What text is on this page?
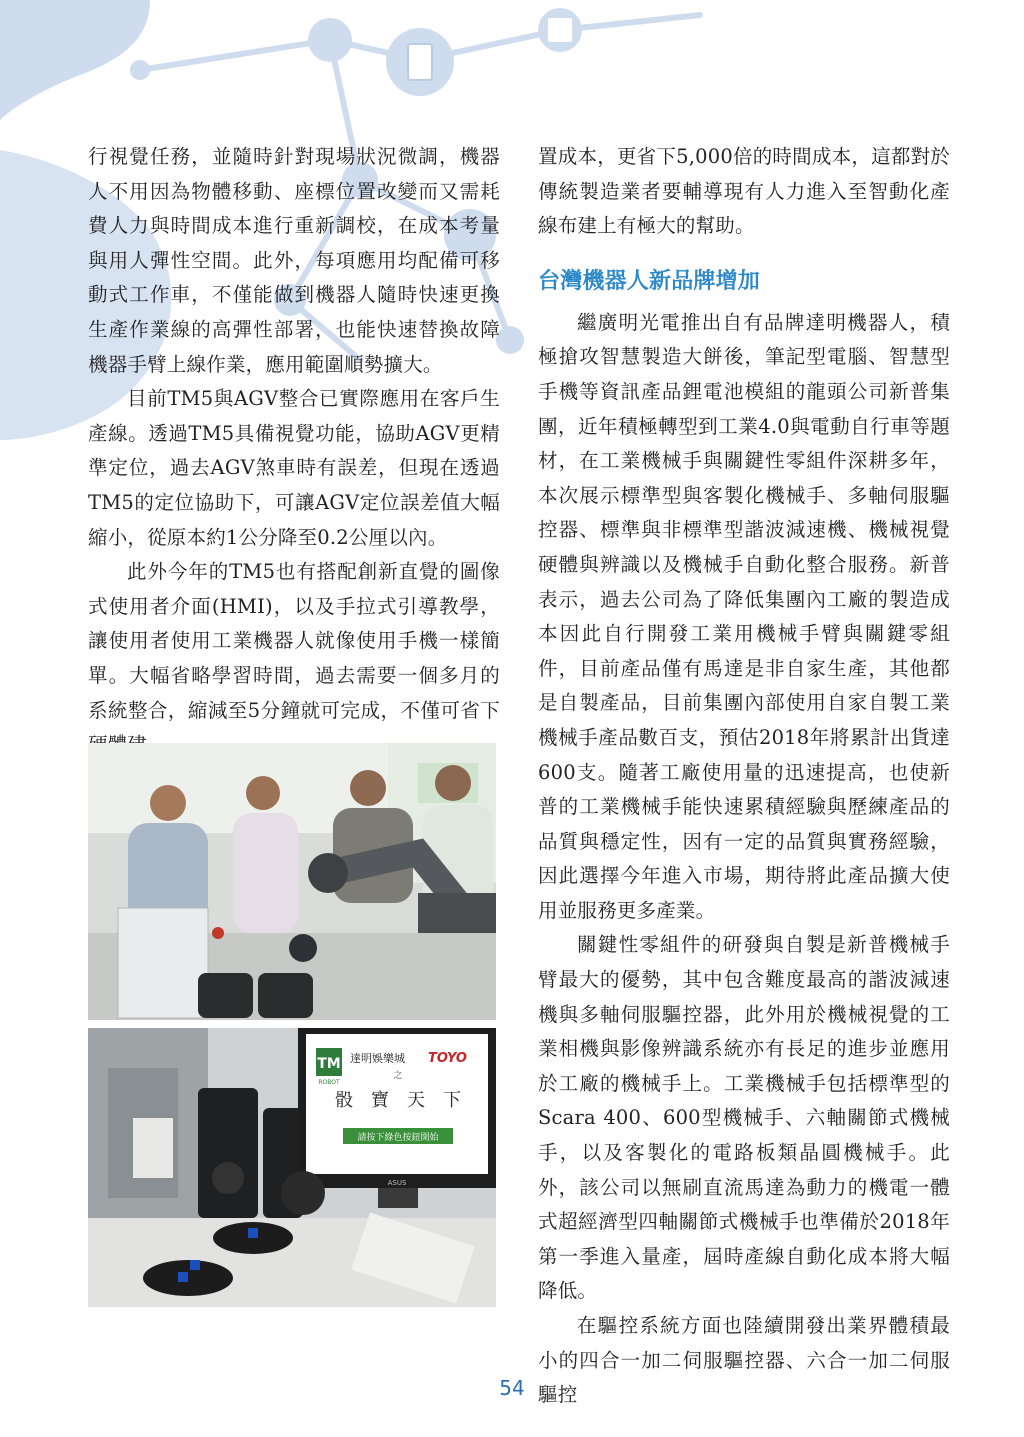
行視覺任務，並隨時針對現場狀況微調，機器人不用因為物體移動、座標位置改變而又需耗費人力與時間成本進行重新調校，在成本考量與用人彈性空間。此外，每項應用均配備可移動式工作車，不僅能做到機器人隨時快速更換生產作業線的高彈性部署，也能快速替換故障機器手臂上線作業，應用範圍順勢擴大。

目前TM5與AGV整合已實際應用在客戶生產線。透過TM5具備視覺功能，協助AGV更精準定位，過去AGV煞車時有誤差，但現在透過TM5的定位協助下，可讓AGV定位誤差值大幅縮小，從原本約1公分降至0.2公厘以內。

此外今年的TM5也有搭配創新直覺的圖像式使用者介面(HMI)，以及手拉式引導教學，讓使用者使用工業機器人就像使用手機一樣簡單。大幅省略學習時間，過去需要一個多月的系統整合，縮減至5分鐘就可完成，不僅可省下

置成本，更省下5,000倍的時間成本，這都對於傳統製造業者要輔導現有人力進入至智動化產線布建上有極大的幫助。

台灣機器人新品牌增加

繼廣明光電推出自有品牌達明機器人，積極搶攻智慧製造大餅後，筆記型電腦、智慧型手機等資訊產品鋰電池模組的龍頭公司新普集團，近年積極轉型到工業4.0與電動自行車等題材，在工業機械手與關鍵性零組件深耕多年，本次展示標準型與客製化機械手、多軸伺服驅控器、標準與非標準型諧波減速機、機械視覺硬體與辨識以及機械手自動化整合服務。新普表示，過去公司為了降低集團內工廠的製造成本因此自行開發工業用機械手臂與關鍵零組件，目前產品僅有馬達是非自家生產，其他都是自製產品，目前集團內部使用自家自製工業機械手產品數百支，預估2018年將累計出貨達600支。隨著工廠使用量的迅速提高，也使新普的工業機械手能快速累積經驗與歷練產品的品質與穩定性，因有一定的品質與實務經驗，因此選擇今年進入市場，期待將此產品擴大使用並服務更多產業。

關鍵性零組件的研發與自製是新普機械手臂最大的優勢，其中包含難度最高的諧波減速機與多軸伺服驅控器，此外用於機械視覺的工業相機與影像辨識系統亦有長足的進步並應用於工廠的機械手上。工業機械手包括標準型的Scara 400、600型機械手、六軸關節式機械手，以及客製化的電路板類晶圓機械手。此外，該公司以無刷直流馬達為動力的機電一體式超經濟型四軸關節式機械手也準備於2018年第一季進入量產，屆時產線自動化成本將大幅降低。

在驅控系統方面也陸續開發出業界體積最小的四合一加二伺服驅控器、六合一加二伺服驅控

TM
ROBOT
達明娛樂城 TOYO
之
骰　寶　天　下
請按下綠色按鈕開始
ASUS
54
